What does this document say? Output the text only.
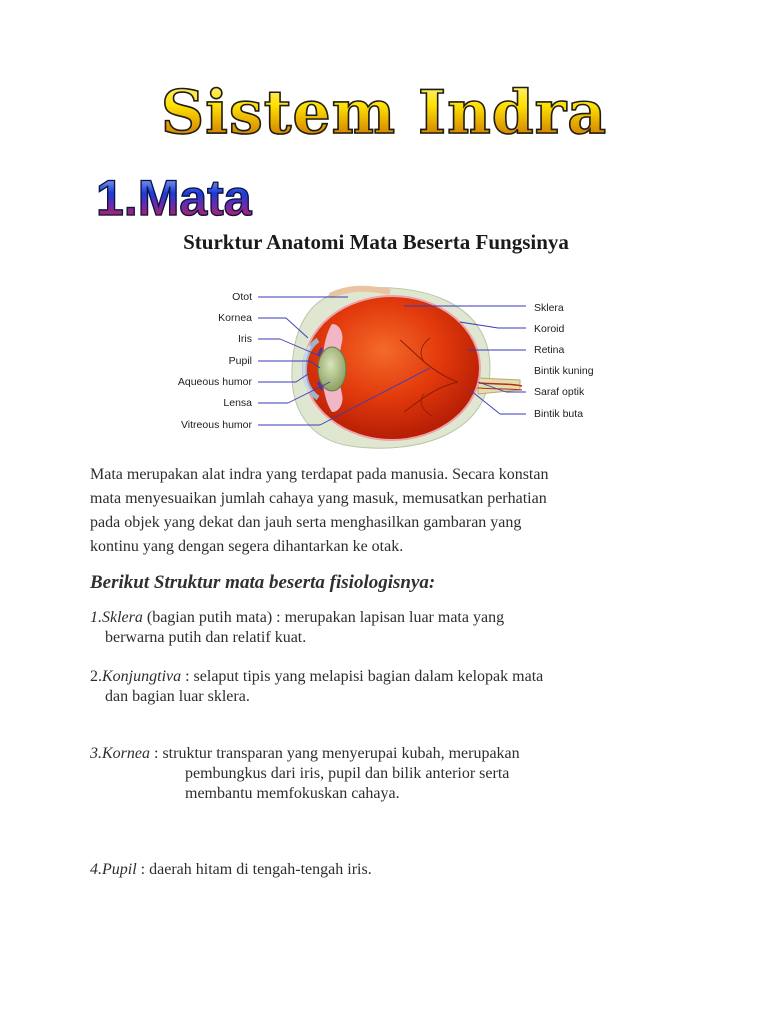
Sistem Indra
1.Mata
Sturktur Anatomi Mata Beserta Fungsinya
Otot
Kornea
Iris
Pupil
Aqueous humor
Lensa
Vitreous humor
Sklera
Koroid
Retina
Bintik kuning
Saraf optik
Bintik buta
Mata merupakan alat indra yang terdapat pada manusia. Secara konstan
mata menyesuaikan jumlah cahaya yang masuk, memusatkan perhatian
pada objek yang dekat dan jauh serta menghasilkan gambaran yang
kontinu yang dengan segera dihantarkan ke otak.
Berikut Struktur mata beserta fisiologisnya:
1.Sklera (bagian putih mata) : merupakan lapisan luar mata yang
berwarna putih dan relatif kuat.
2.Konjungtiva : selaput tipis yang melapisi bagian dalam kelopak mata
dan bagian luar sklera.
3.Kornea : struktur transparan yang menyerupai kubah, merupakan
pembungkus dari iris, pupil dan bilik anterior serta
membantu memfokuskan cahaya.
4.Pupil : daerah hitam di tengah-tengah iris.
